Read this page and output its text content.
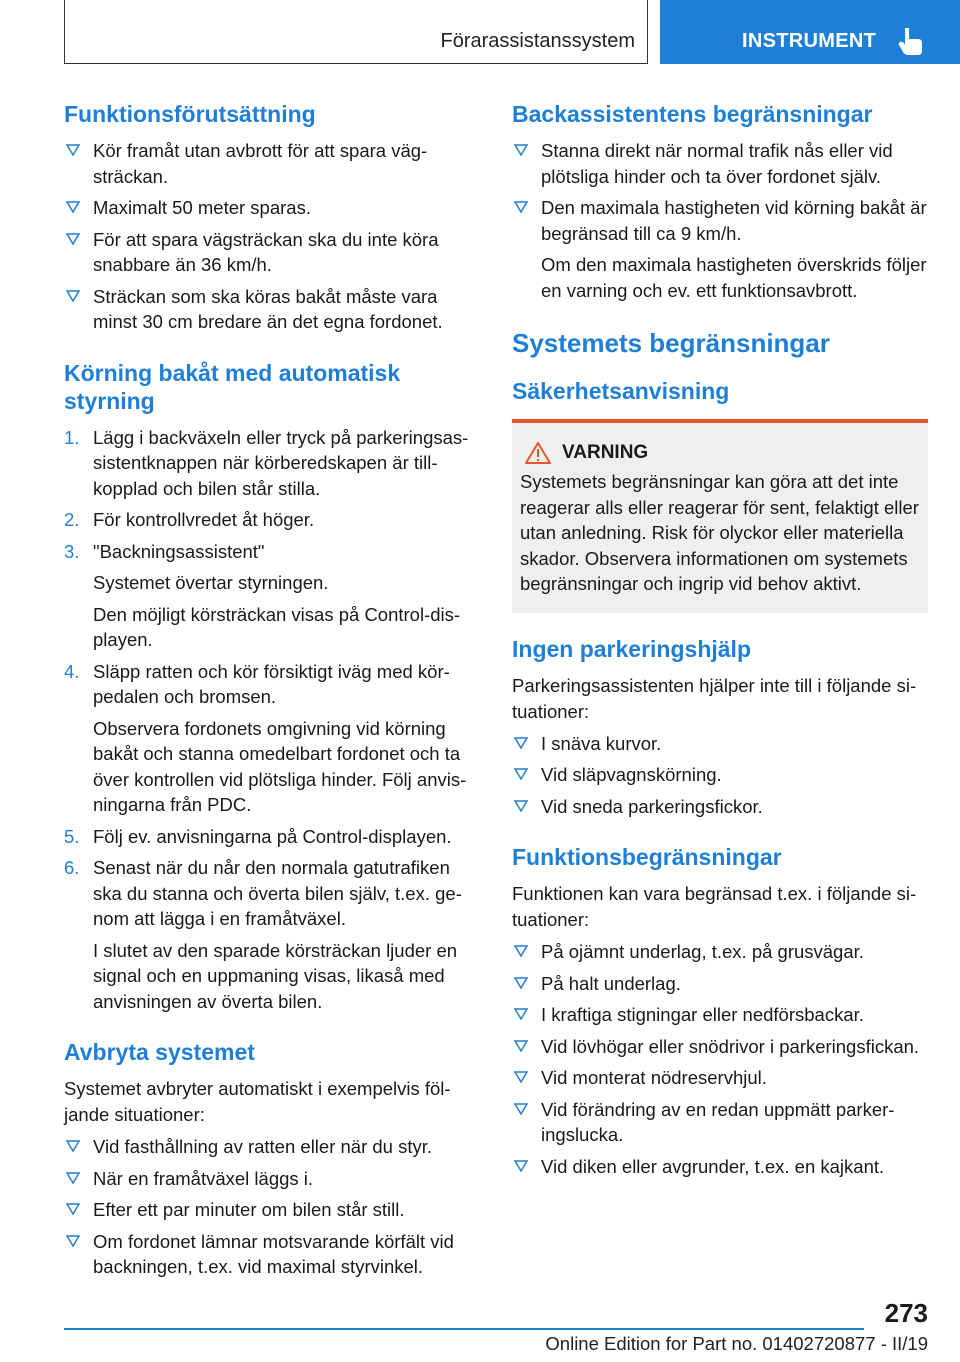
Förarassistanssystem	INSTRUMENT
Funktionsförutsättning
Kör framåt utan avbrott för att spara vägsträckan.
Maximalt 50 meter sparas.
För att spara vägsträckan ska du inte köra snabbare än 36 km/h.
Sträckan som ska köras bakåt måste vara minst 30 cm bredare än det egna fordonet.
Körning bakåt med automatisk styrning
1. Lägg i backväxeln eller tryck på parkeringsassistentknappen när körberedskapen är tillkopplad och bilen står stilla.
2. För kontrollvredet åt höger.
3. "Backningsassistent"
Systemet övertar styrningen.
Den möjligt körsträckan visas på Control-displayen.
4. Släpp ratten och kör försiktigt iväg med körpedalen och bromsen.
Observera fordonets omgivning vid körning bakåt och stanna omedelbart fordonet och ta över kontrollen vid plötsliga hinder. Följ anvisningarna från PDC.
5. Följ ev. anvisningarna på Control-displayen.
6. Senast när du når den normala gatutrafiken ska du stanna och överta bilen själv, t.ex. genom att lägga i en framåtväxel.
I slutet av den sparade körsträckan ljuder en signal och en uppmaning visas, likaså med anvisningen av överta bilen.
Avbryta systemet

Systemet avbryter automatiskt i exempelvis följande situationer:

Vid fasthållning av ratten eller när du styr.
När en framåtväxel läggs i.
Efter ett par minuter om bilen står still.
Om fordonet lämnar motsvarande körfält vid backningen, t.ex. vid maximal styrvinkel.
Backassistentens begränsningar
Stanna direkt när normal trafik nås eller vid plötsliga hinder och ta över fordonet själv.
Den maximala hastigheten vid körning bakåt är begränsad till ca 9 km/h.
Om den maximala hastigheten överskrids följer en varning och ev. ett funktionsavbrott.
Systemets begränsningar
Säkerhetsanvisning
VARNING

Systemets begränsningar kan göra att det inte reagerar alls eller reagerar för sent, felaktigt eller utan anledning. Risk för olyckor eller materiella skador. Observera informationen om systemets begränsningar och ingrip vid behov aktivt.

Ingen parkeringshjälp

Parkeringsassistenten hjälper inte till i följande situationer:

I snäva kurvor.
Vid släpvagnskörning.
Vid sneda parkeringsfickor.
Funktionsbegränsningar

Funktionen kan vara begränsad t.ex. i följande situationer:

På ojämnt underlag, t.ex. på grusvägar.
På halt underlag.
I kraftiga stigningar eller nedförsbackar.
Vid lövhögar eller snödrivor i parkeringsfickan.
Vid monterat nödreservhjul.
Vid förändring av en redan uppmätt parkeringslucka.
Vid diken eller avgrunder, t.ex. en kajkant.
273
Online Edition for Part no. 01402720877 - II/19
